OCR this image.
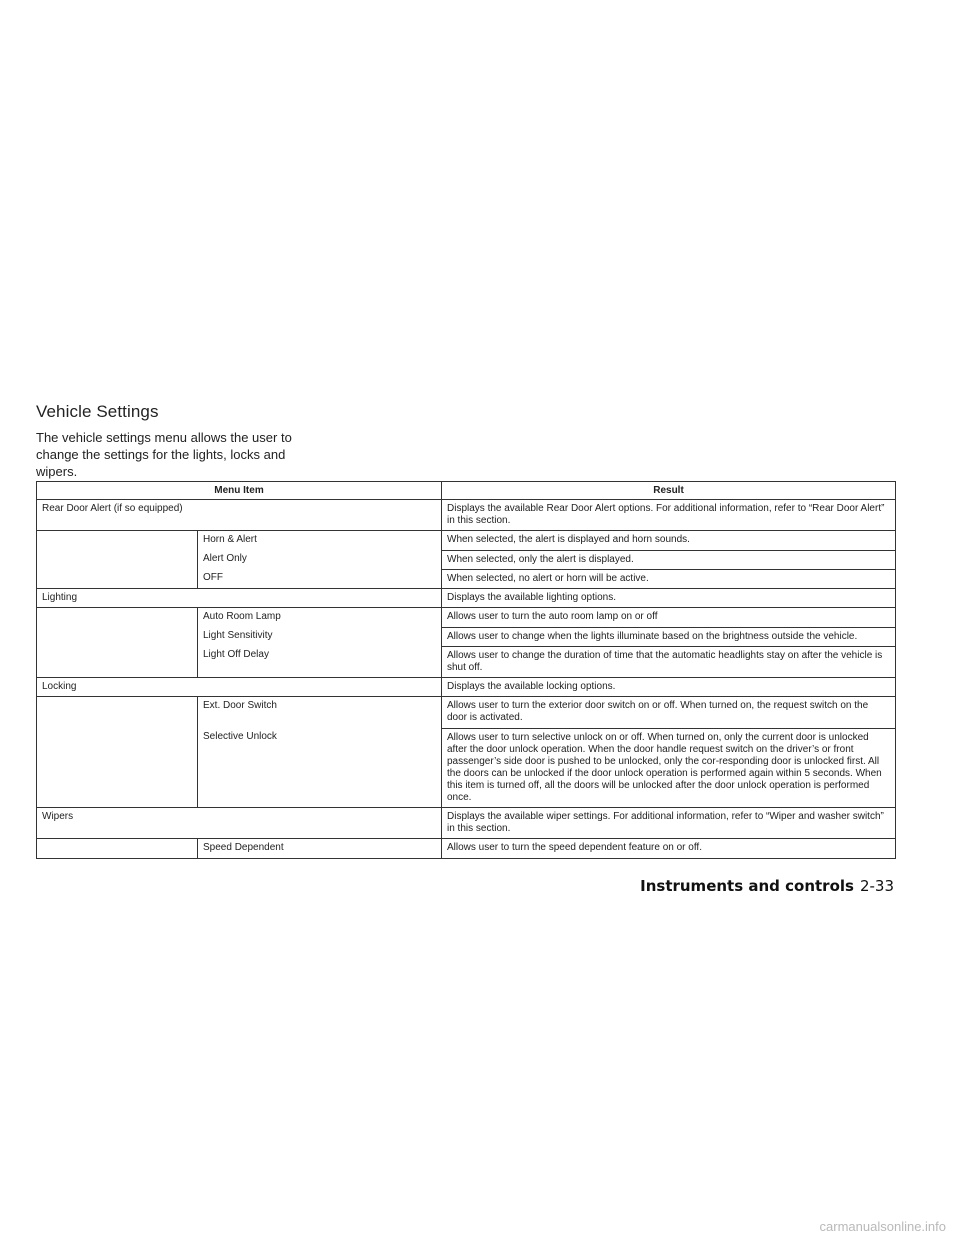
Vehicle Settings

The vehicle settings menu allows the user to change the settings for the lights, locks and wipers.

Menu Item	Result
Rear Door Alert (if so equipped)	Displays the available Rear Door Alert options. For additional information, refer to “Rear Door Alert” in this section.

Horn & Alert	When selected, the alert is displayed and horn sounds.

Alert Only	When selected, only the alert is displayed.

OFF	When selected, no alert or horn will be active.
Lighting	Displays the available lighting options.

Auto Room Lamp	Allows user to turn the auto room lamp on or off

Light Sensitivity	Allows user to change when the lights illuminate based on the brightness outside the vehicle.

Light Off Delay	Allows user to change the duration of time that the automatic headlights stay on after the vehicle is shut off.
Locking	Displays the available locking options.

Ext. Door Switch	Allows user to turn the exterior door switch on or off. When turned on, the request switch on the door is activated.

Selective Unlock	Allows user to turn selective unlock on or off. When turned on, only the current door is unlocked after the door unlock operation. When the door handle request switch on the driver’s or front passenger’s side door is pushed to be unlocked, only the cor-responding door is unlocked first. All the doors can be unlocked if the door unlock operation is performed again within 5 seconds. When this item is turned off, all the doors will be unlocked after the door unlock operation is performed once.
Wipers	Displays the available wiper settings. For additional information, refer to “Wiper and washer switch” in this section.

Speed Dependent	Allows user to turn the speed dependent feature on or off.
Instruments and controls 2-33
carmanualsonline.info
